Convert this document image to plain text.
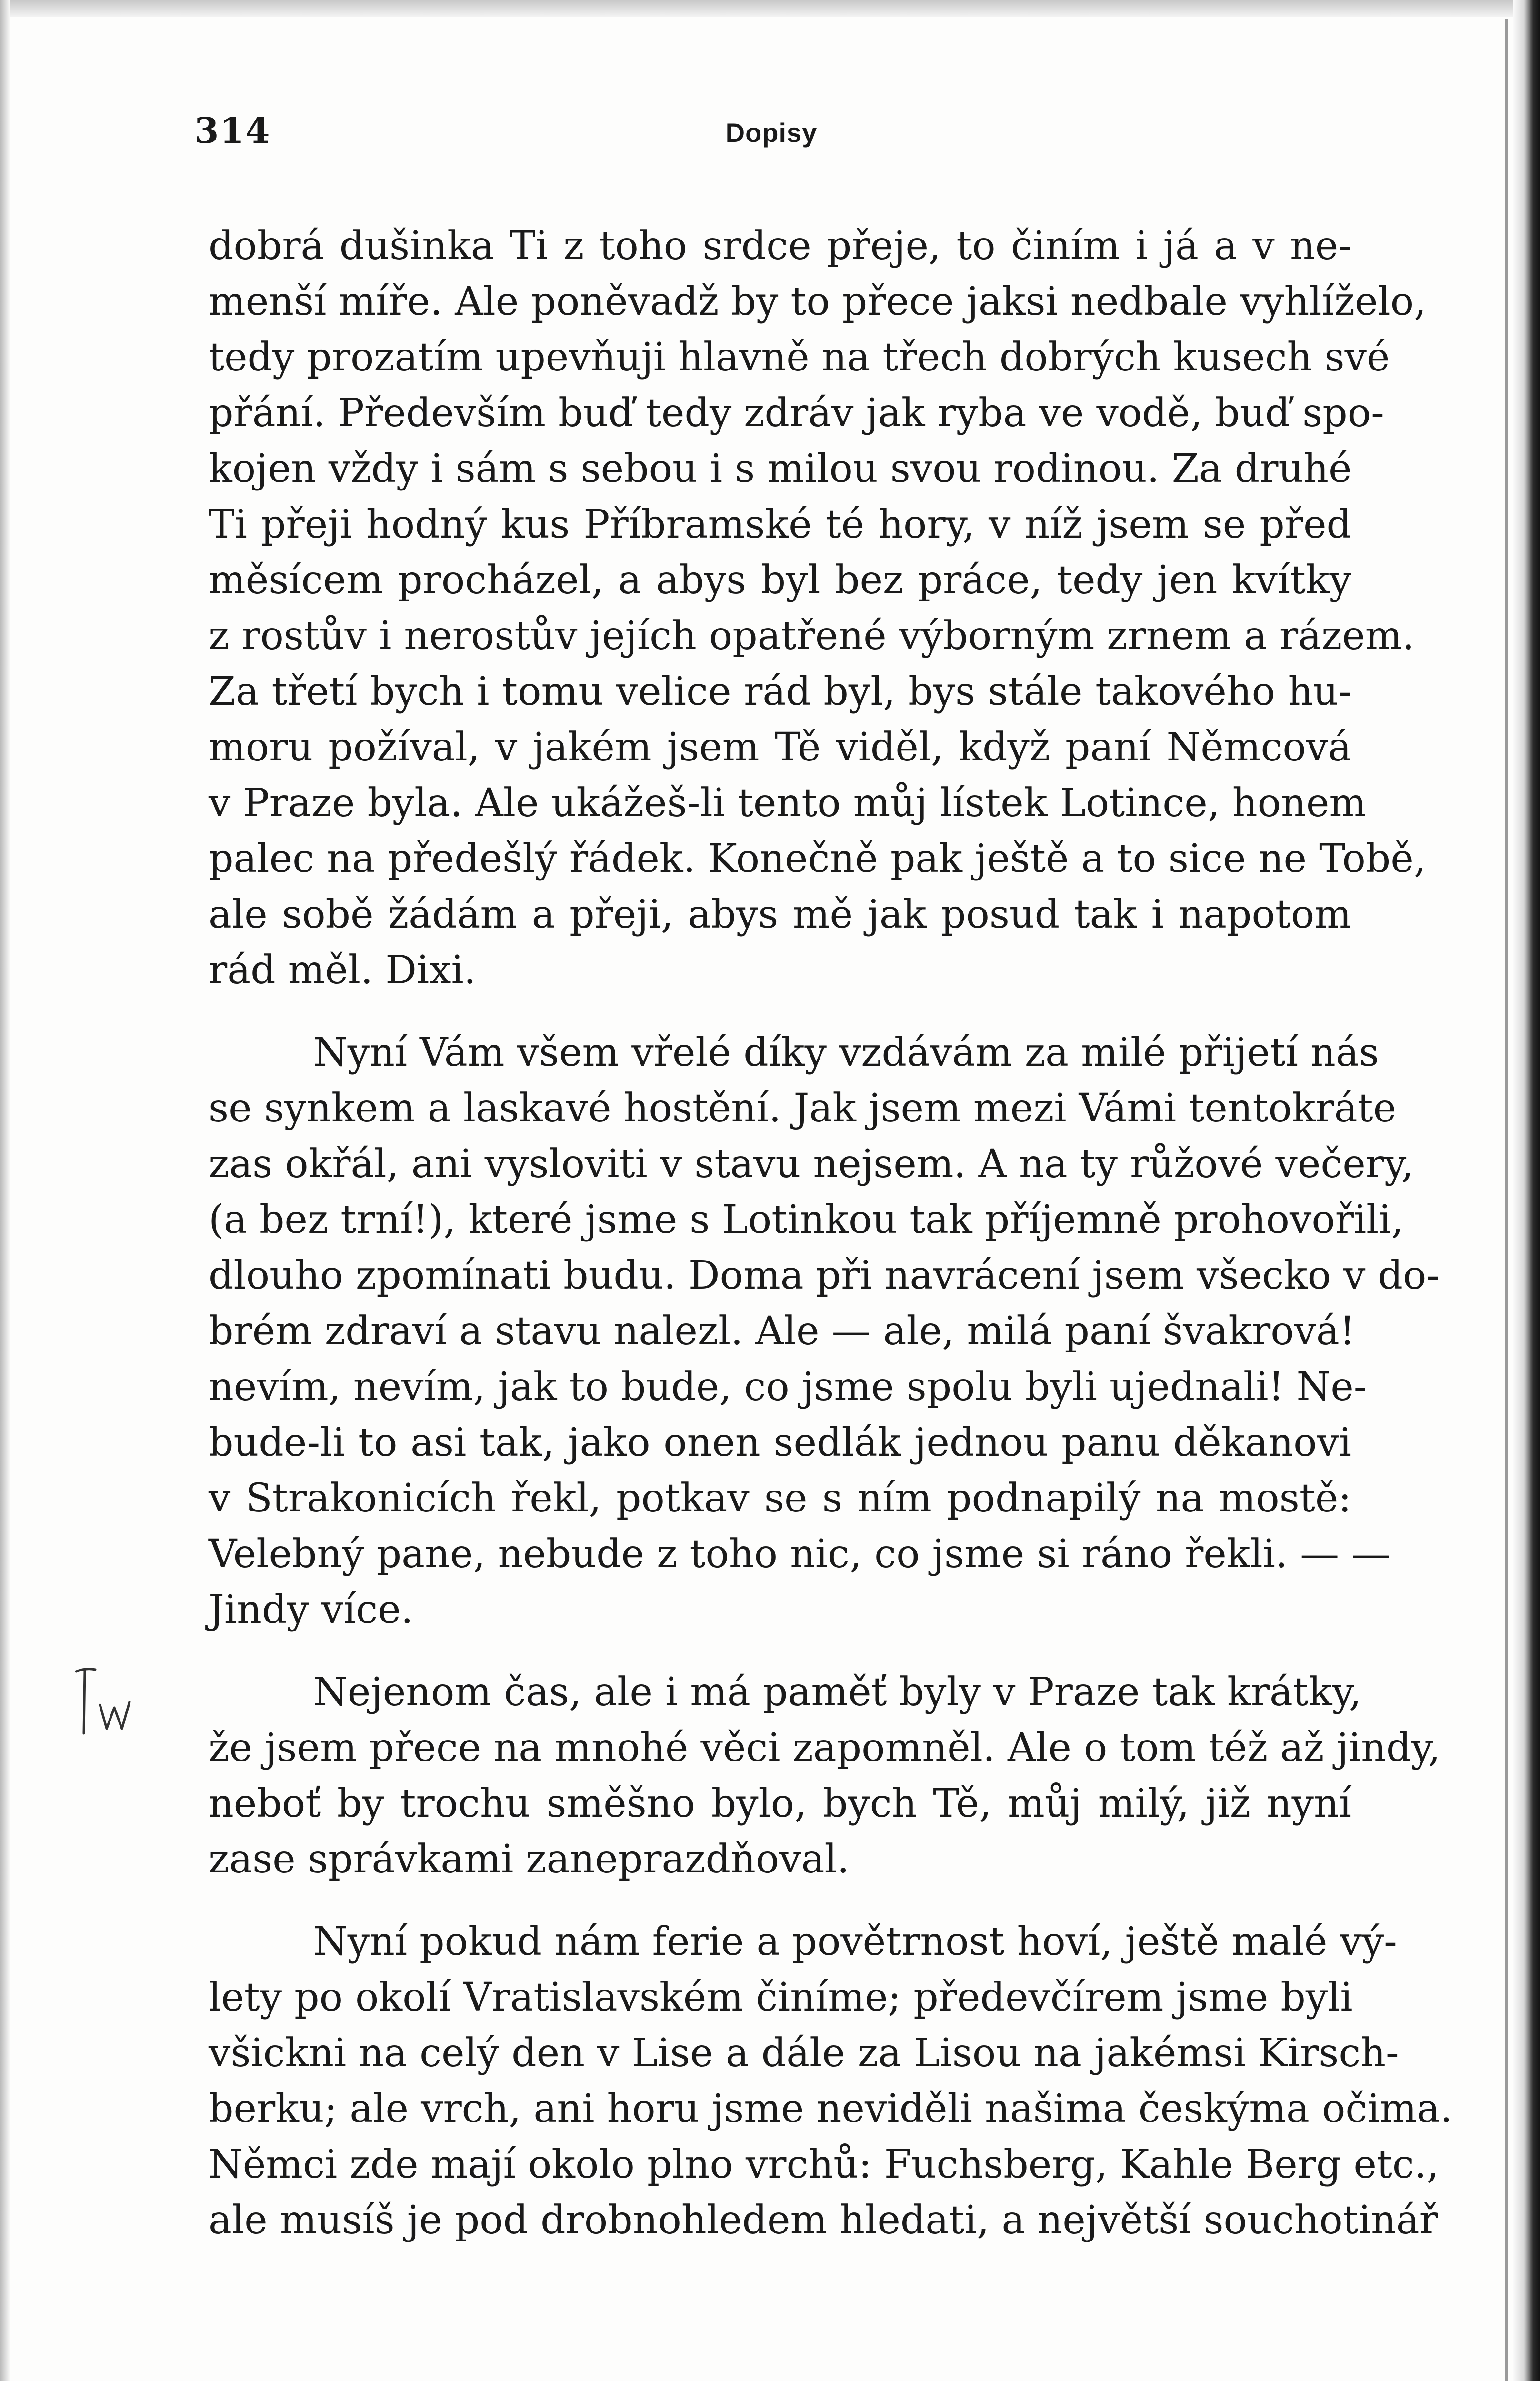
314	Dopisy
dobrá dušinka Ti z toho srdce přeje, to činím i já a v ne-
menší míře. Ale poněvadž by to přece jaksi nedbale vyhlíželo,
tedy prozatím upevňuji hlavně na třech dobrých kusech své
přání. Především buď tedy zdráv jak ryba ve vodě, buď spo-
kojen vždy i sám s sebou i s milou svou rodinou. Za druhé
Ti přeji hodný kus Příbramské té hory, v níž jsem se před
měsícem procházel, a abys byl bez práce, tedy jen kvítky
z rostův i nerostův jejích opatřené výborným zrnem a rázem.
Za třetí bych i tomu velice rád byl, bys stále takového hu-
moru požíval, v jakém jsem Tě viděl, když paní Němcová
v Praze byla. Ale ukážeš-li tento můj lístek Lotince, honem
palec na předešlý řádek. Konečně pak ještě a to sice ne Tobě,
ale sobě žádám a přeji, abys mě jak posud tak i napotom
rád měl. Dixi.
Nyní Vám všem vřelé díky vzdávám za milé přijetí nás
se synkem a laskavé hostění. Jak jsem mezi Vámi tentokráte
zas okřál, ani vysloviti v stavu nejsem. A na ty růžové večery,
(a bez trní!), které jsme s Lotinkou tak příjemně prohovořili,
dlouho zpomínati budu. Doma při navrácení jsem všecko v do-
brém zdraví a stavu nalezl. Ale — ale, milá paní švakrová!
nevím, nevím, jak to bude, co jsme spolu byli ujednali! Ne-
bude-li to asi tak, jako onen sedlák jednou panu děkanovi
v Strakonicích řekl, potkav se s ním podnapilý na mostě:
Velebný pane, nebude z toho nic, co jsme si ráno řekli. — —
Jindy více.
Nejenom čas, ale i má paměť byly v Praze tak krátky,
že jsem přece na mnohé věci zapomněl. Ale o tom též až jindy,
neboť by trochu směšno bylo, bych Tě, můj milý, již nyní
zase správkami zaneprazdňoval.
Nyní pokud nám ferie a povětrnost hoví, ještě malé vý-
lety po okolí Vratislavském činíme; předevčírem jsme byli
všickni na celý den v Lise a dále za Lisou na jakémsi Kirsch-
berku; ale vrch, ani horu jsme neviděli našima českýma očima.
Němci zde mají okolo plno vrchů: Fuchsberg, Kahle Berg etc.,
ale musíš je pod drobnohledem hledati, a největší souchotinář
